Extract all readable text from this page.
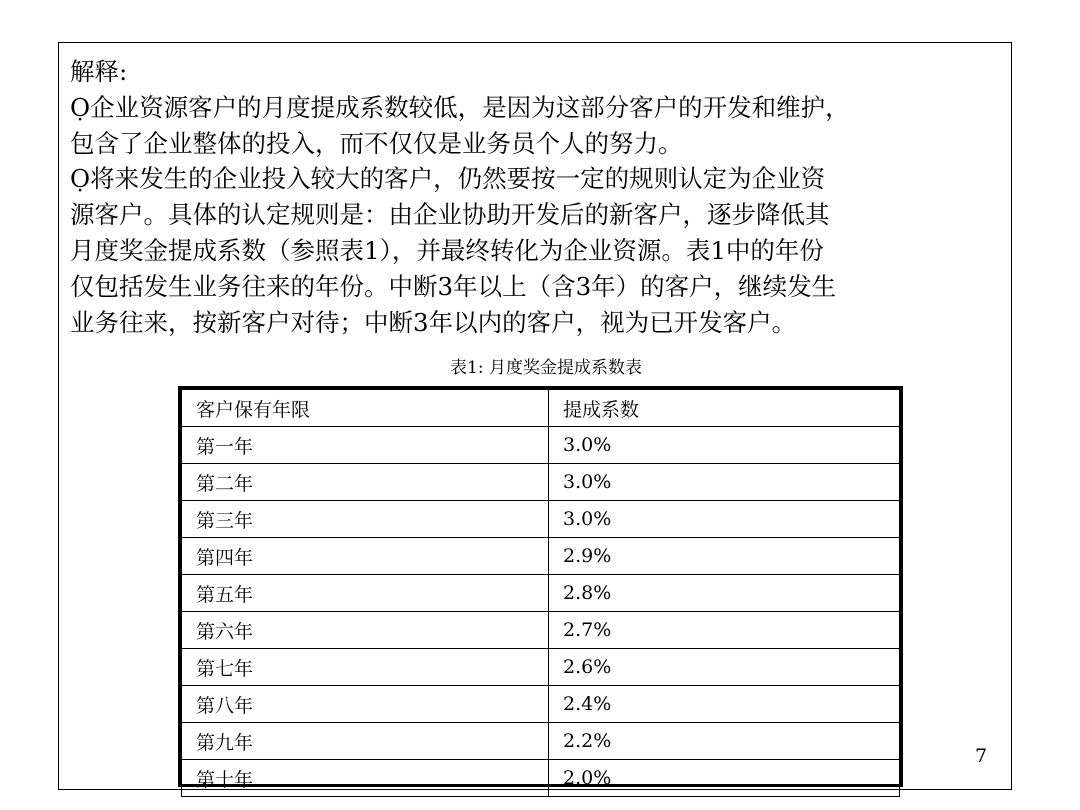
解释:

Ọ企业资源客户的月度提成系数较低，是因为这部分客户的开发和维护，

包含了企业整体的投入，而不仅仅是业务员个人的努力。

Ọ将来发生的企业投入较大的客户，仍然要按一定的规则认定为企业资

源客户。具体的认定规则是：由企业协助开发后的新客户，逐步降低其

月度奖金提成系数（参照表1），并最终转化为企业资源。表1中的年份

仅包括发生业务往来的年份。中断3年以上（含3年）的客户，继续发生

业务往来，按新客户对待；中断3年以内的客户，视为已开发客户。

表1: 月度奖金提成系数表
客户保有年限	提成系数
第一年	3.0%
第二年	3.0%
第三年	3.0%
第四年	2.9%
第五年	2.8%
第六年	2.7%
第七年	2.6%
第八年	2.4%
第九年	2.2%
第十年	2.0%
7
